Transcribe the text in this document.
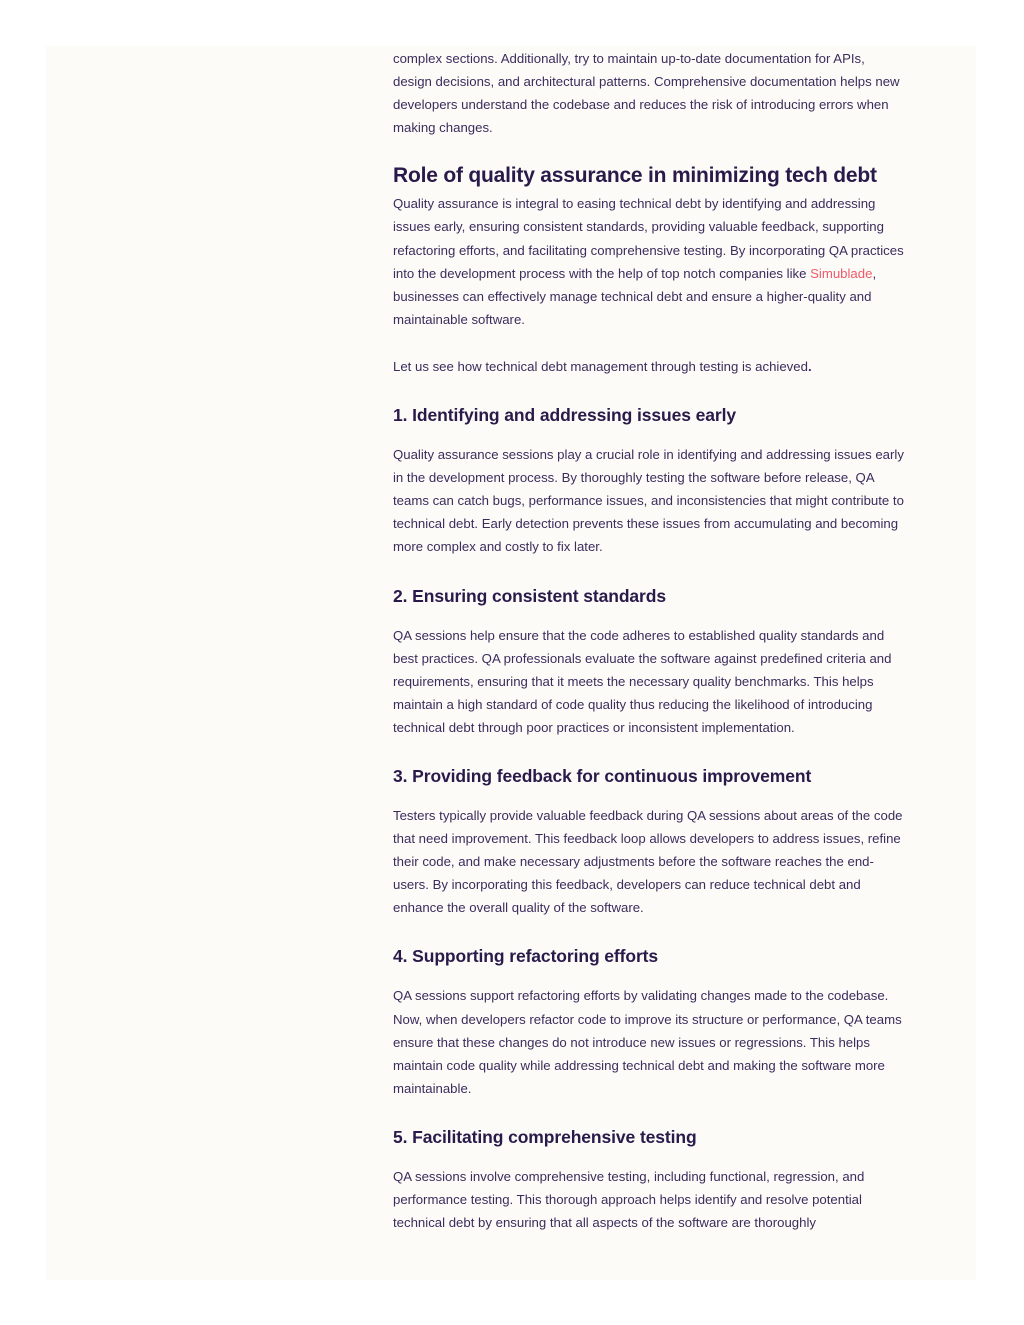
complex sections. Additionally, try to maintain up-to-date documentation for APIs, design decisions, and architectural patterns. Comprehensive documentation helps new developers understand the codebase and reduces the risk of introducing errors when making changes.

Role of quality assurance in minimizing tech debt

Quality assurance is integral to easing technical debt by identifying and addressing issues early, ensuring consistent standards, providing valuable feedback, supporting refactoring efforts, and facilitating comprehensive testing. By incorporating QA practices into the development process with the help of top notch companies like Simublade, businesses can effectively manage technical debt and ensure a higher-quality and maintainable software.

Let us see how technical debt management through testing is achieved.

1. Identifying and addressing issues early

Quality assurance sessions play a crucial role in identifying and addressing issues early in the development process. By thoroughly testing the software before release, QA teams can catch bugs, performance issues, and inconsistencies that might contribute to technical debt. Early detection prevents these issues from accumulating and becoming more complex and costly to fix later.

2. Ensuring consistent standards

QA sessions help ensure that the code adheres to established quality standards and best practices. QA professionals evaluate the software against predefined criteria and requirements, ensuring that it meets the necessary quality benchmarks. This helps maintain a high standard of code quality thus reducing the likelihood of introducing technical debt through poor practices or inconsistent implementation.

3. Providing feedback for continuous improvement

Testers typically provide valuable feedback during QA sessions about areas of the code that need improvement. This feedback loop allows developers to address issues, refine their code, and make necessary adjustments before the software reaches the end-users. By incorporating this feedback, developers can reduce technical debt and enhance the overall quality of the software.

4. Supporting refactoring efforts

QA sessions support refactoring efforts by validating changes made to the codebase. Now, when developers refactor code to improve its structure or performance, QA teams ensure that these changes do not introduce new issues or regressions. This helps maintain code quality while addressing technical debt and making the software more maintainable.

5. Facilitating comprehensive testing

QA sessions involve comprehensive testing, including functional, regression, and performance testing. This thorough approach helps identify and resolve potential technical debt by ensuring that all aspects of the software are thoroughly
